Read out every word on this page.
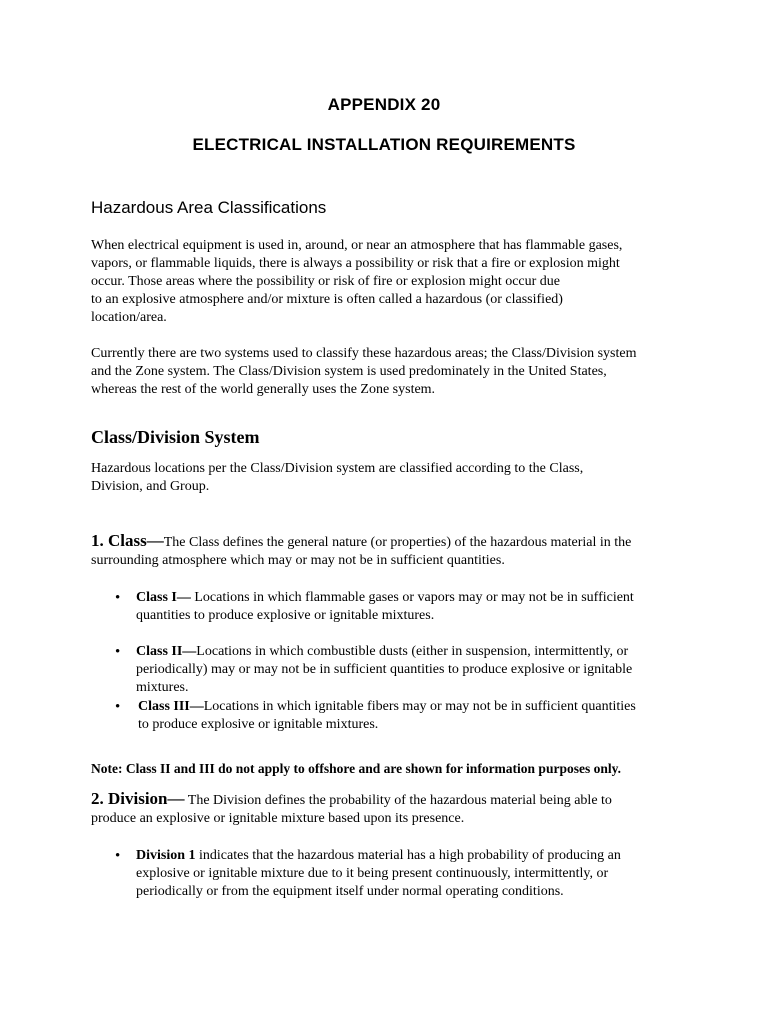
APPENDIX 20
ELECTRICAL INSTALLATION REQUIREMENTS
Hazardous Area Classifications
When electrical equipment is used in, around, or near an atmosphere that has flammable gases,
vapors, or flammable liquids, there is always a possibility or risk that a fire or explosion might
occur. Those areas where the possibility or risk of fire or explosion might occur due
to an explosive atmosphere and/or mixture is often called a hazardous (or classified)
location/area.
Currently there are two systems used to classify these hazardous areas; the Class/Division system
and the Zone system. The Class/Division system is used predominately in the United States,
whereas the rest of the world generally uses the Zone system.
Class/Division System
Hazardous locations per the Class/Division system are classified according to the Class,
Division, and Group.
1. Class—The Class defines the general nature (or properties) of the hazardous material in the
surrounding atmosphere which may or may not be in sufficient quantities.
• Class I— Locations in which flammable gases or vapors may or may not be in sufficient
quantities to produce explosive or ignitable mixtures.
• Class II—Locations in which combustible dusts (either in suspension, intermittently, or
periodically) may or may not be in sufficient quantities to produce explosive or ignitable
mixtures.
• Class III—Locations in which ignitable fibers may or may not be in sufficient quantities
to produce explosive or ignitable mixtures.
Note: Class II and III do not apply to offshore and are shown for information purposes only.
2. Division— The Division defines the probability of the hazardous material being able to
produce an explosive or ignitable mixture based upon its presence.
• Division 1 indicates that the hazardous material has a high probability of producing an
explosive or ignitable mixture due to it being present continuously, intermittently, or
periodically or from the equipment itself under normal operating conditions.
